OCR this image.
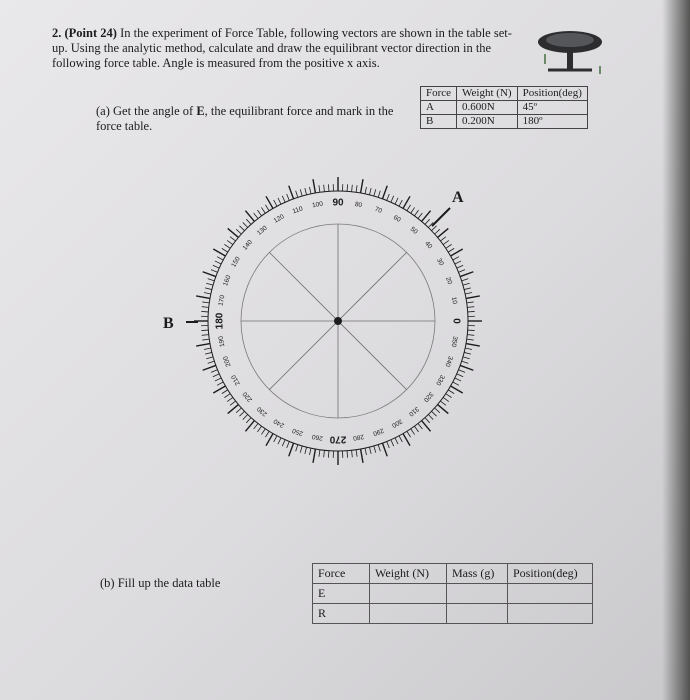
2. (Point 24) In the experiment of Force Table, following vectors are shown in the table set-up. Using the analytic method, calculate and draw the equilibrant vector direction in the following force table. Angle is measured from the positive x axis.
Force	Weight (N)	Position(deg)
A	0.600N	45º
B	0.200N	180º
(a) Get the angle of E, the equilibrant force and mark in the force table.
0
10
20
30
40
50
60
70
80
90
100
110
120
130
140
150
160
170
180
190
200
210
220
230
240
250
260 270 280
290
300
310
320
330
340
350
A
B
(b) Fill up the data table
Force	Weight (N)	Mass (g)	Position(deg)
E			
R			
